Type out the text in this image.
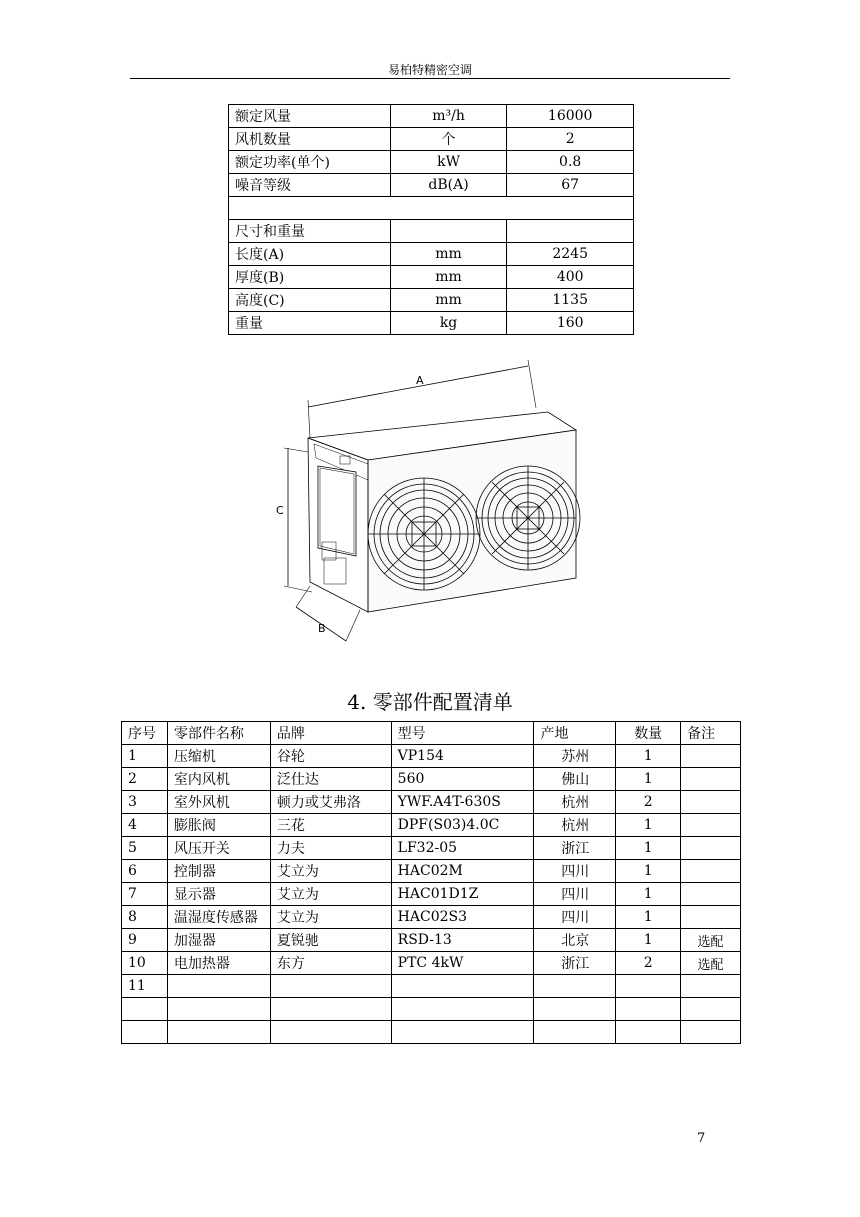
易柏特精密空调
额定风量	m³/h	16000
风机数量	个	2
额定功率(单个)	kW	0.8
噪音等级	dB(A)	67

尺寸和重量		
长度(A)	mm	2245
厚度(B)	mm	400
高度(C)	mm	1135
重量	kg	160
A
C
B
4. 零部件配置清单
序号	零部件名称	品牌	型号	产地	数量	备注
1	压缩机	谷轮	VP154	苏州	1	
2	室内风机	泛仕达	560	佛山	1	
3	室外风机	顿力或艾弗洛	YWF.A4T-630S	杭州	2	
4	膨胀阀	三花	DPF(S03)4.0C	杭州	1	
5	风压开关	力夫	LF32-05	浙江	1	
6	控制器	艾立为	HAC02M	四川	1	
7	显示器	艾立为	HAC01D1Z	四川	1	
8	温湿度传感器	艾立为	HAC02S3	四川	1	
9	加湿器	夏锐驰	RSD-13	北京	1	选配
10	电加热器	东方	PTC 4kW	浙江	2	选配
11						

7
